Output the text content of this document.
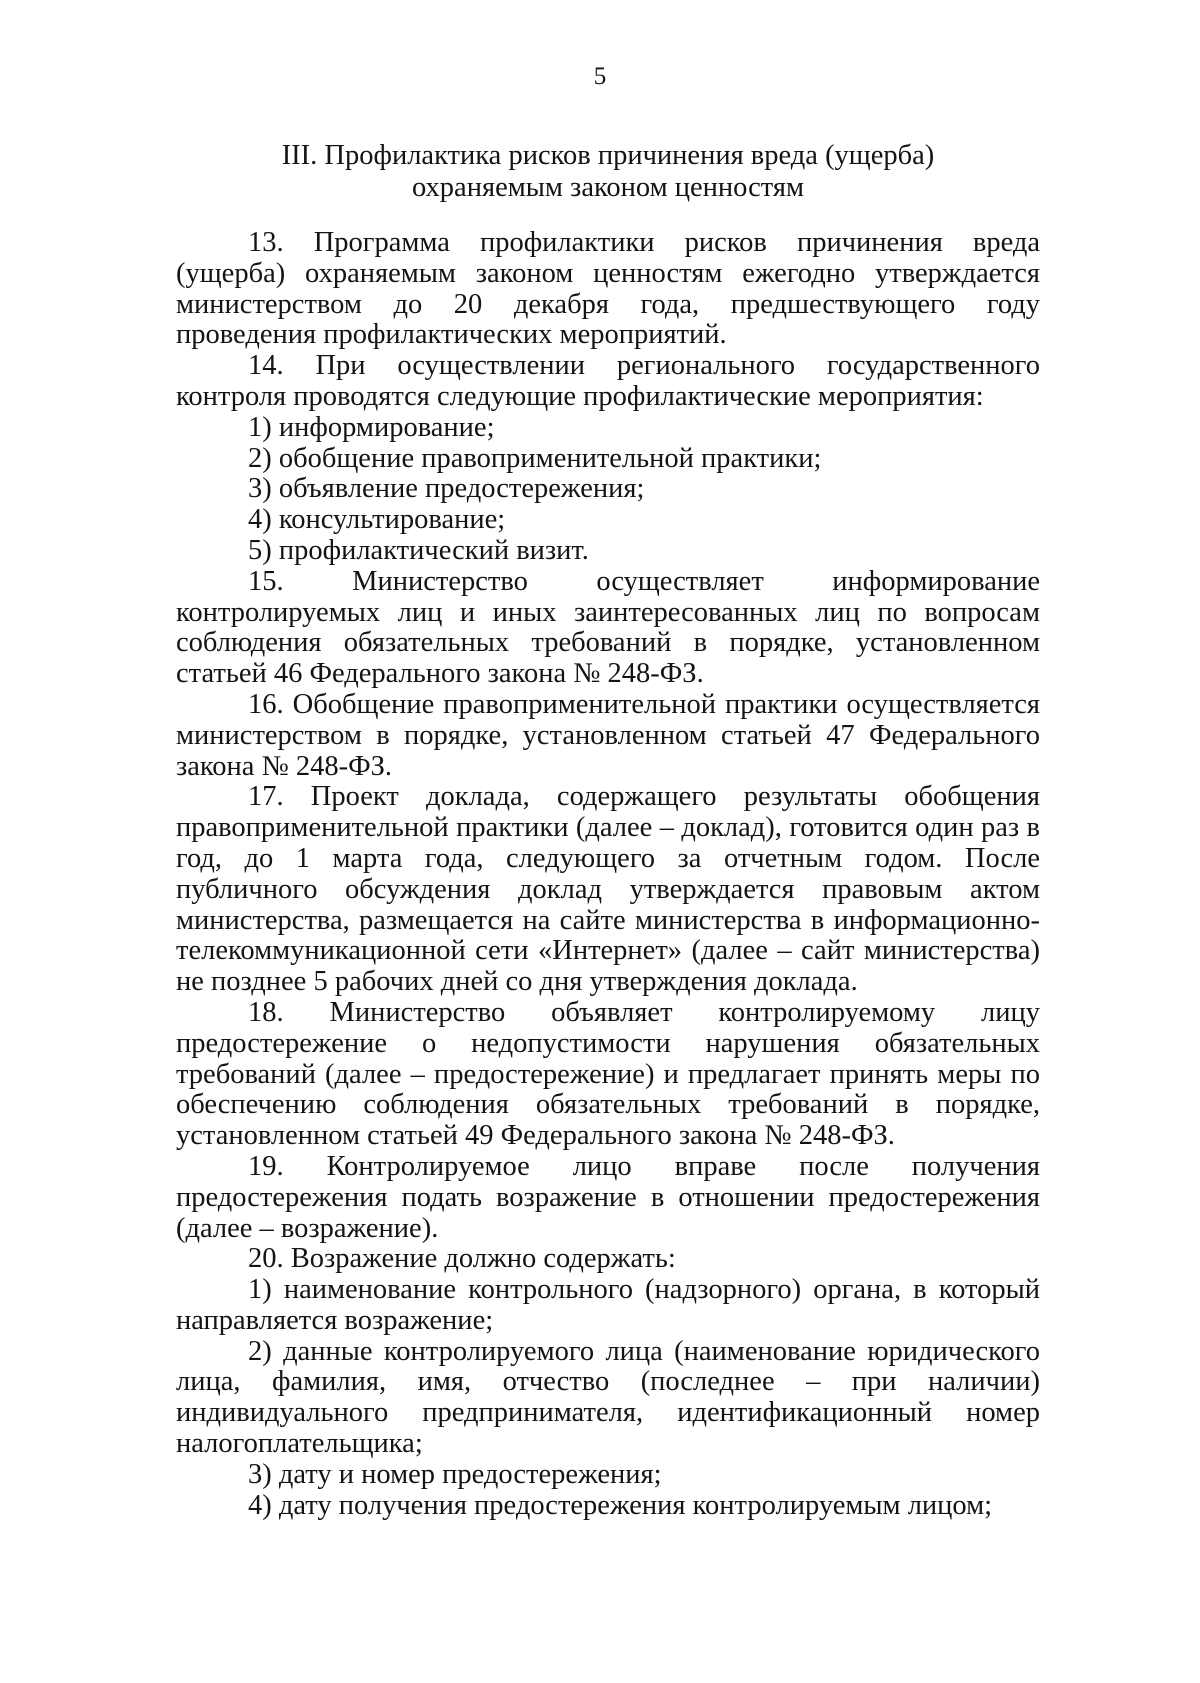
5
III. Профилактика рисков причинения вреда (ущерба)
охраняемым законом ценностям

13. Программа профилактики рисков причинения вреда (ущерба) охраняемым законом ценностям ежегодно утверждается министерством до 20 декабря года, предшествующего году проведения профилактических мероприятий.

14. При осуществлении регионального государственного контроля проводятся следующие профилактические мероприятия:

1) информирование;

2) обобщение правоприменительной практики;

3) объявление предостережения;

4) консультирование;

5) профилактический визит.

15. Министерство осуществляет информирование контролируемых лиц и иных заинтересованных лиц по вопросам соблюдения обязательных требований в порядке, установленном статьей 46 Федерального закона № 248-ФЗ.

16. Обобщение правоприменительной практики осуществляется министерством в порядке, установленном статьей 47 Федерального закона № 248-ФЗ.

17. Проект доклада, содержащего результаты обобщения правоприменительной практики (далее – доклад), готовится один раз в год, до 1 марта года, следующего за отчетным годом. После публичного обсуждения доклад утверждается правовым актом министерства, размещается на сайте министерства в информационно-телекоммуникационной сети «Интернет» (далее – сайт министерства) не позднее 5 рабочих дней со дня утверждения доклада.

18. Министерство объявляет контролируемому лицу предостережение о недопустимости нарушения обязательных требований (далее – предостережение) и предлагает принять меры по обеспечению соблюдения обязательных требований в порядке, установленном статьей 49 Федерального закона № 248-ФЗ.

19. Контролируемое лицо вправе после получения предостережения подать возражение в отношении предостережения (далее – возражение).

20. Возражение должно содержать:

1) наименование контрольного (надзорного) органа, в который направляется возражение;

2) данные контролируемого лица (наименование юридического лица, фамилия, имя, отчество (последнее – при наличии) индивидуального предпринимателя, идентификационный номер налогоплательщика;

3) дату и номер предостережения;

4) дату получения предостережения контролируемым лицом;
